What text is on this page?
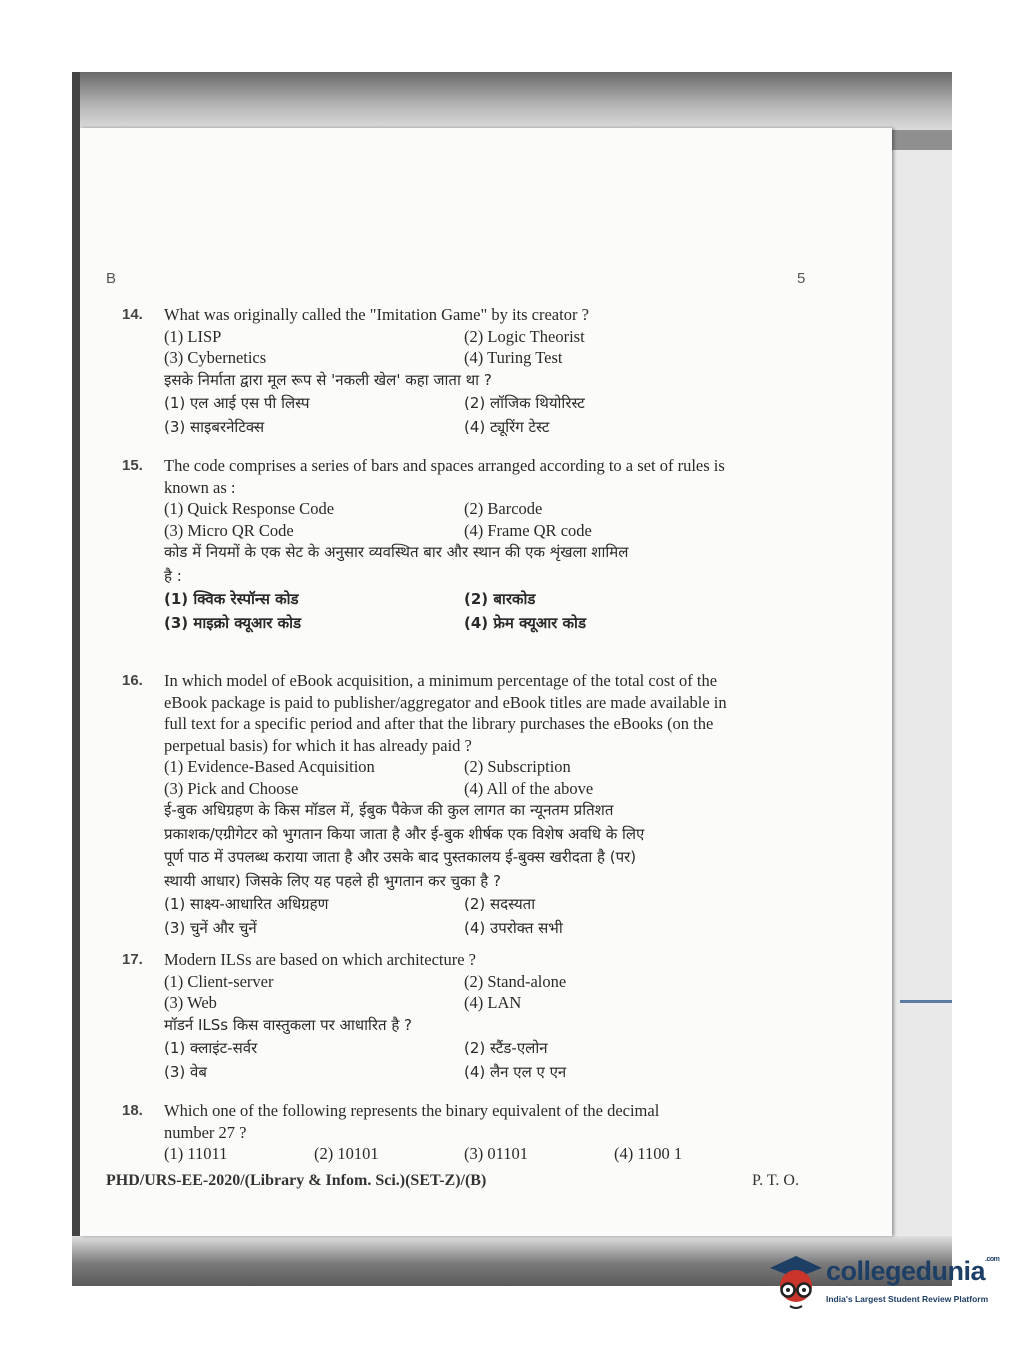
B	5
14. What was originally called the "Imitation Game" by its creator ?
(1) LISP	(2) Logic Theorist
(3) Cybernetics	(4) Turing Test
इसके निर्माता द्वारा मूल रूप से 'नकली खेल' कहा जाता था ?
(1) एल आई एस पी लिस्प	(2) लॉजिक थियोरिस्ट
(3) साइबरनेटिक्स	(4) ट्यूरिंग टेस्ट
15. The code comprises a series of bars and spaces arranged according to a set of rules is
known as :
(1) Quick Response Code	(2) Barcode
(3) Micro QR Code	(4) Frame QR code
कोड में नियमों के एक सेट के अनुसार व्यवस्थित बार और स्थान की एक शृंखला शामिल
है :
(1) क्विक रेस्पॉन्स कोड	(2) बारकोड
(3) माइक्रो क्यूआर कोड	(4) फ्रेम क्यूआर कोड
16. In which model of eBook acquisition, a minimum percentage of the total cost of the
eBook package is paid to publisher/aggregator and eBook titles are made available in
full text for a specific period and after that the library purchases the eBooks (on the
perpetual basis) for which it has already paid ?
(1) Evidence-Based Acquisition	(2) Subscription
(3) Pick and Choose	(4) All of the above
ई-बुक अधिग्रहण के किस मॉडल में, ईबुक पैकेज की कुल लागत का न्यूनतम प्रतिशत
प्रकाशक/एग्रीगेटर को भुगतान किया जाता है और ई-बुक शीर्षक एक विशेष अवधि के लिए
पूर्ण पाठ में उपलब्ध कराया जाता है और उसके बाद पुस्तकालय ई-बुक्स खरीदता है (पर)
स्थायी आधार) जिसके लिए यह पहले ही भुगतान कर चुका है ?
(1) साक्ष्य-आधारित अधिग्रहण	(2) सदस्यता
(3) चुनें और चुनें	(4) उपरोक्त सभी
17. Modern ILSs are based on which architecture ?
(1) Client-server	(2) Stand-alone
(3) Web	(4) LAN
मॉडर्न ILSs किस वास्तुकला पर आधारित है ?
(1) क्लाइंट-सर्वर	(2) स्टैंड-एलोन
(3) वेब	(4) लैन एल ए एन
18. Which one of the following represents the binary equivalent of the decimal
number 27 ?
(1) 11011	(2) 10101	(3) 01101	(4) 1100 1
PHD/URS-EE-2020/(Library & Infom. Sci.)(SET-Z)/(B)	P. T. O.
collegedunia$^{.com}$
India's Largest Student Review Platform
